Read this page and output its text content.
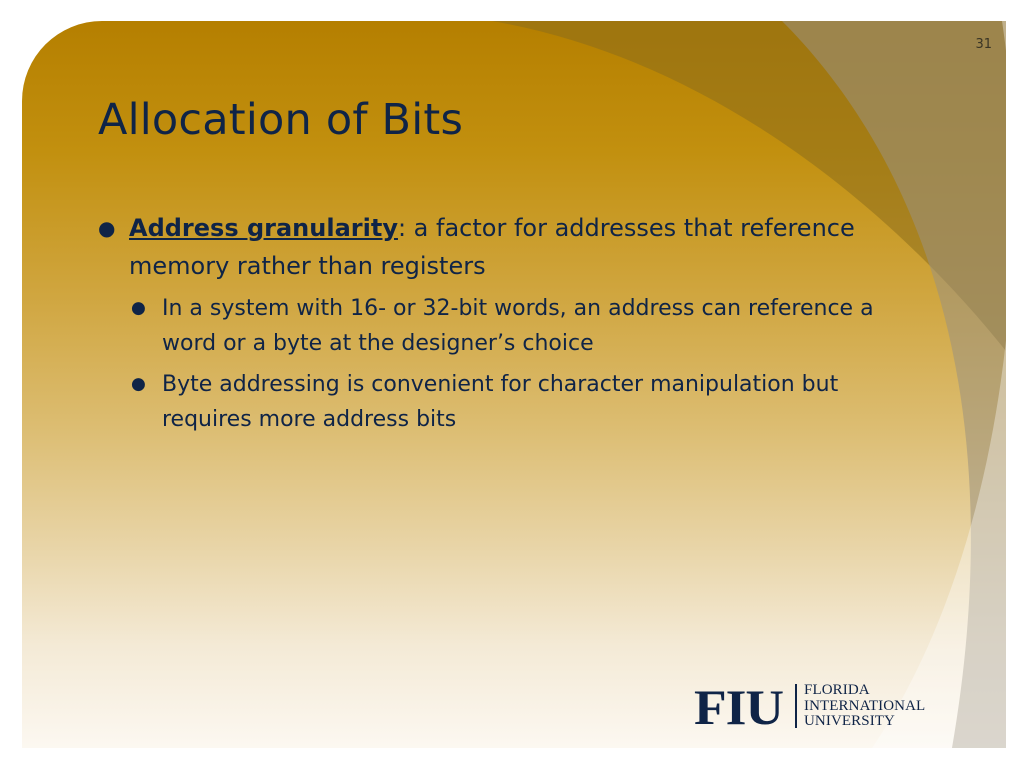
31
Allocation of Bits
● Address granularity: a factor for addresses that reference memory rather than registers
● In a system with 16- or 32-bit words, an address can reference a word or a byte at the designer’s choice
● Byte addressing is convenient for character manipulation but requires more address bits
FIU FLORIDA
INTERNATIONAL
UNIVERSITY
